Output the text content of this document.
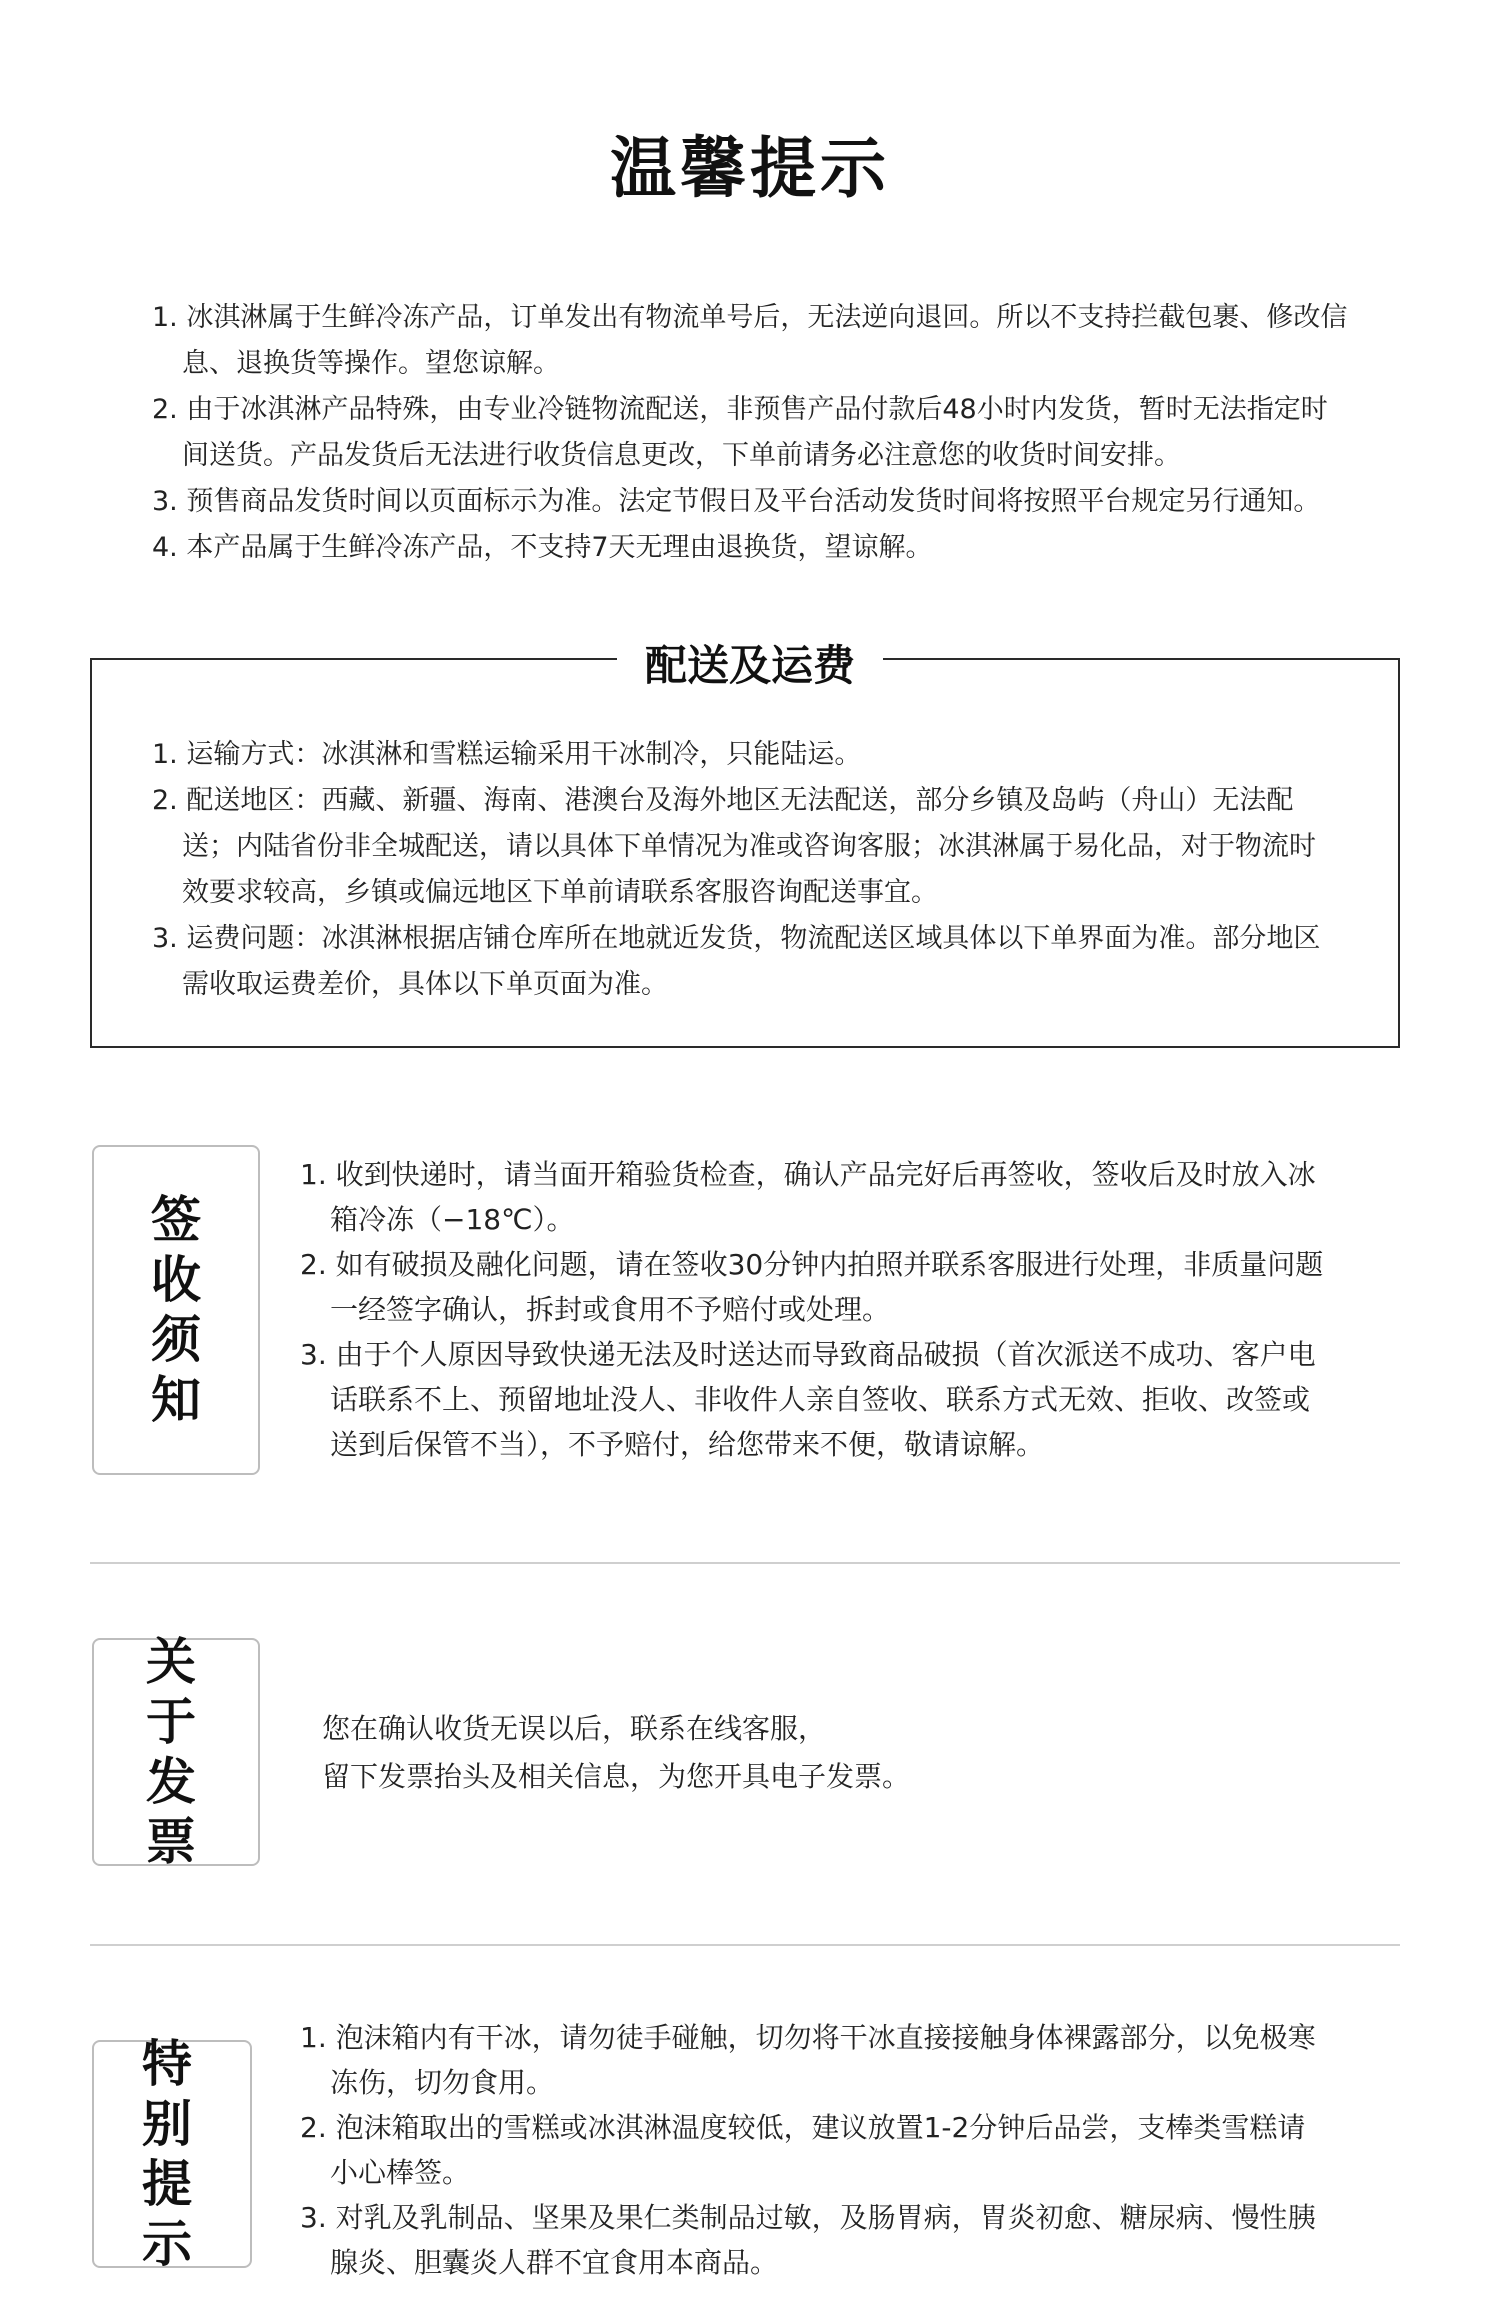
温馨提示
1. 冰淇淋属于生鲜冷冻产品，订单发出有物流单号后，无法逆向退回。所以不支持拦截包裹、修改信息、退换货等操作。望您谅解。
2. 由于冰淇淋产品特殊，由专业冷链物流配送，非预售产品付款后48小时内发货，暂时无法指定时间送货。产品发货后无法进行收货信息更改，下单前请务必注意您的收货时间安排。
3. 预售商品发货时间以页面标示为准。法定节假日及平台活动发货时间将按照平台规定另行通知。
4. 本产品属于生鲜冷冻产品，不支持7天无理由退换货，望谅解。
配送及运费
1. 运输方式：冰淇淋和雪糕运输采用干冰制冷，只能陆运。
2. 配送地区：西藏、新疆、海南、港澳台及海外地区无法配送，部分乡镇及岛屿（舟山）无法配送；内陆省份非全城配送，请以具体下单情况为准或咨询客服；冰淇淋属于易化品，对于物流时效要求较高，乡镇或偏远地区下单前请联系客服咨询配送事宜。
3. 运费问题：冰淇淋根据店铺仓库所在地就近发货，物流配送区域具体以下单界面为准。部分地区需收取运费差价，具体以下单页面为准。
签收须知
1. 收到快递时，请当面开箱验货检查，确认产品完好后再签收，签收后及时放入冰箱冷冻（−18℃）。
2. 如有破损及融化问题，请在签收30分钟内拍照并联系客服进行处理，非质量问题一经签字确认，拆封或食用不予赔付或处理。
3. 由于个人原因导致快递无法及时送达而导致商品破损（首次派送不成功、客户电话联系不上、预留地址没人、非收件人亲自签收、联系方式无效、拒收、改签或送到后保管不当），不予赔付，给您带来不便，敬请谅解。
关于发票

您在确认收货无误以后，联系在线客服，

留下发票抬头及相关信息，为您开具电子发票。

特别提示
1. 泡沫箱内有干冰，请勿徒手碰触，切勿将干冰直接接触身体裸露部分，以免极寒冻伤，切勿食用。
2. 泡沫箱取出的雪糕或冰淇淋温度较低，建议放置1-2分钟后品尝，支棒类雪糕请小心棒签。
3. 对乳及乳制品、坚果及果仁类制品过敏，及肠胃病，胃炎初愈、糖尿病、慢性胰腺炎、胆囊炎人群不宜食用本商品。
